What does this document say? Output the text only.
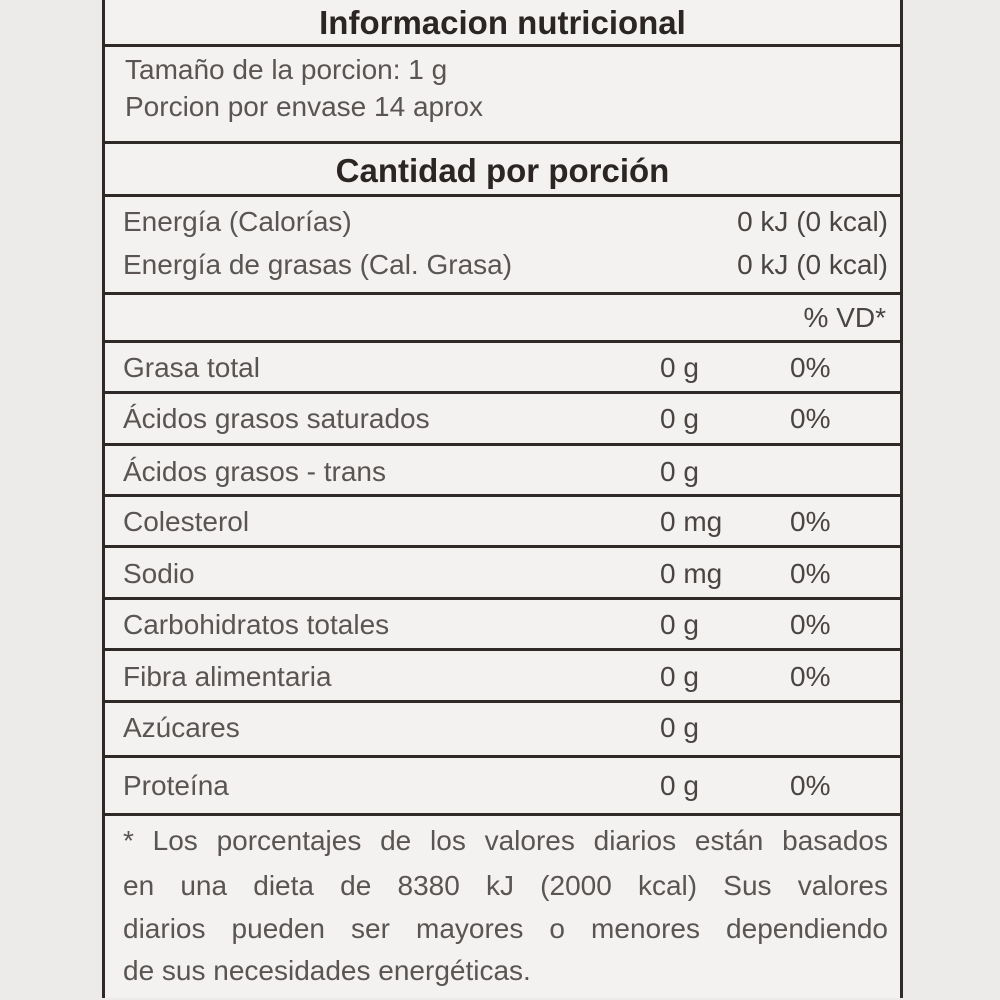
Informacion nutricional
Tamaño de la porcion: 1 g
Porcion por envase 14 aprox
Cantidad por porción
Energía (Calorías)	0 kJ (0 kcal)
Energía de grasas (Cal. Grasa)	0 kJ (0 kcal)
% VD*
Grasa total	0 g	0%
Ácidos grasos saturados	0 g	0%
Ácidos grasos - trans	0 g
Colesterol	0 mg 0%
Sodio	0 mg 0%
Carbohidratos totales	0 g	0%
Fibra alimentaria	0 g	0%
Azúcares	0 g
Proteína	0 g	0%
* Los porcentajes de los valores diarios están basados
en una dieta de 8380 kJ (2000 kcal) Sus valores
diarios pueden ser mayores o menores dependiendo
de sus necesidades energéticas.
